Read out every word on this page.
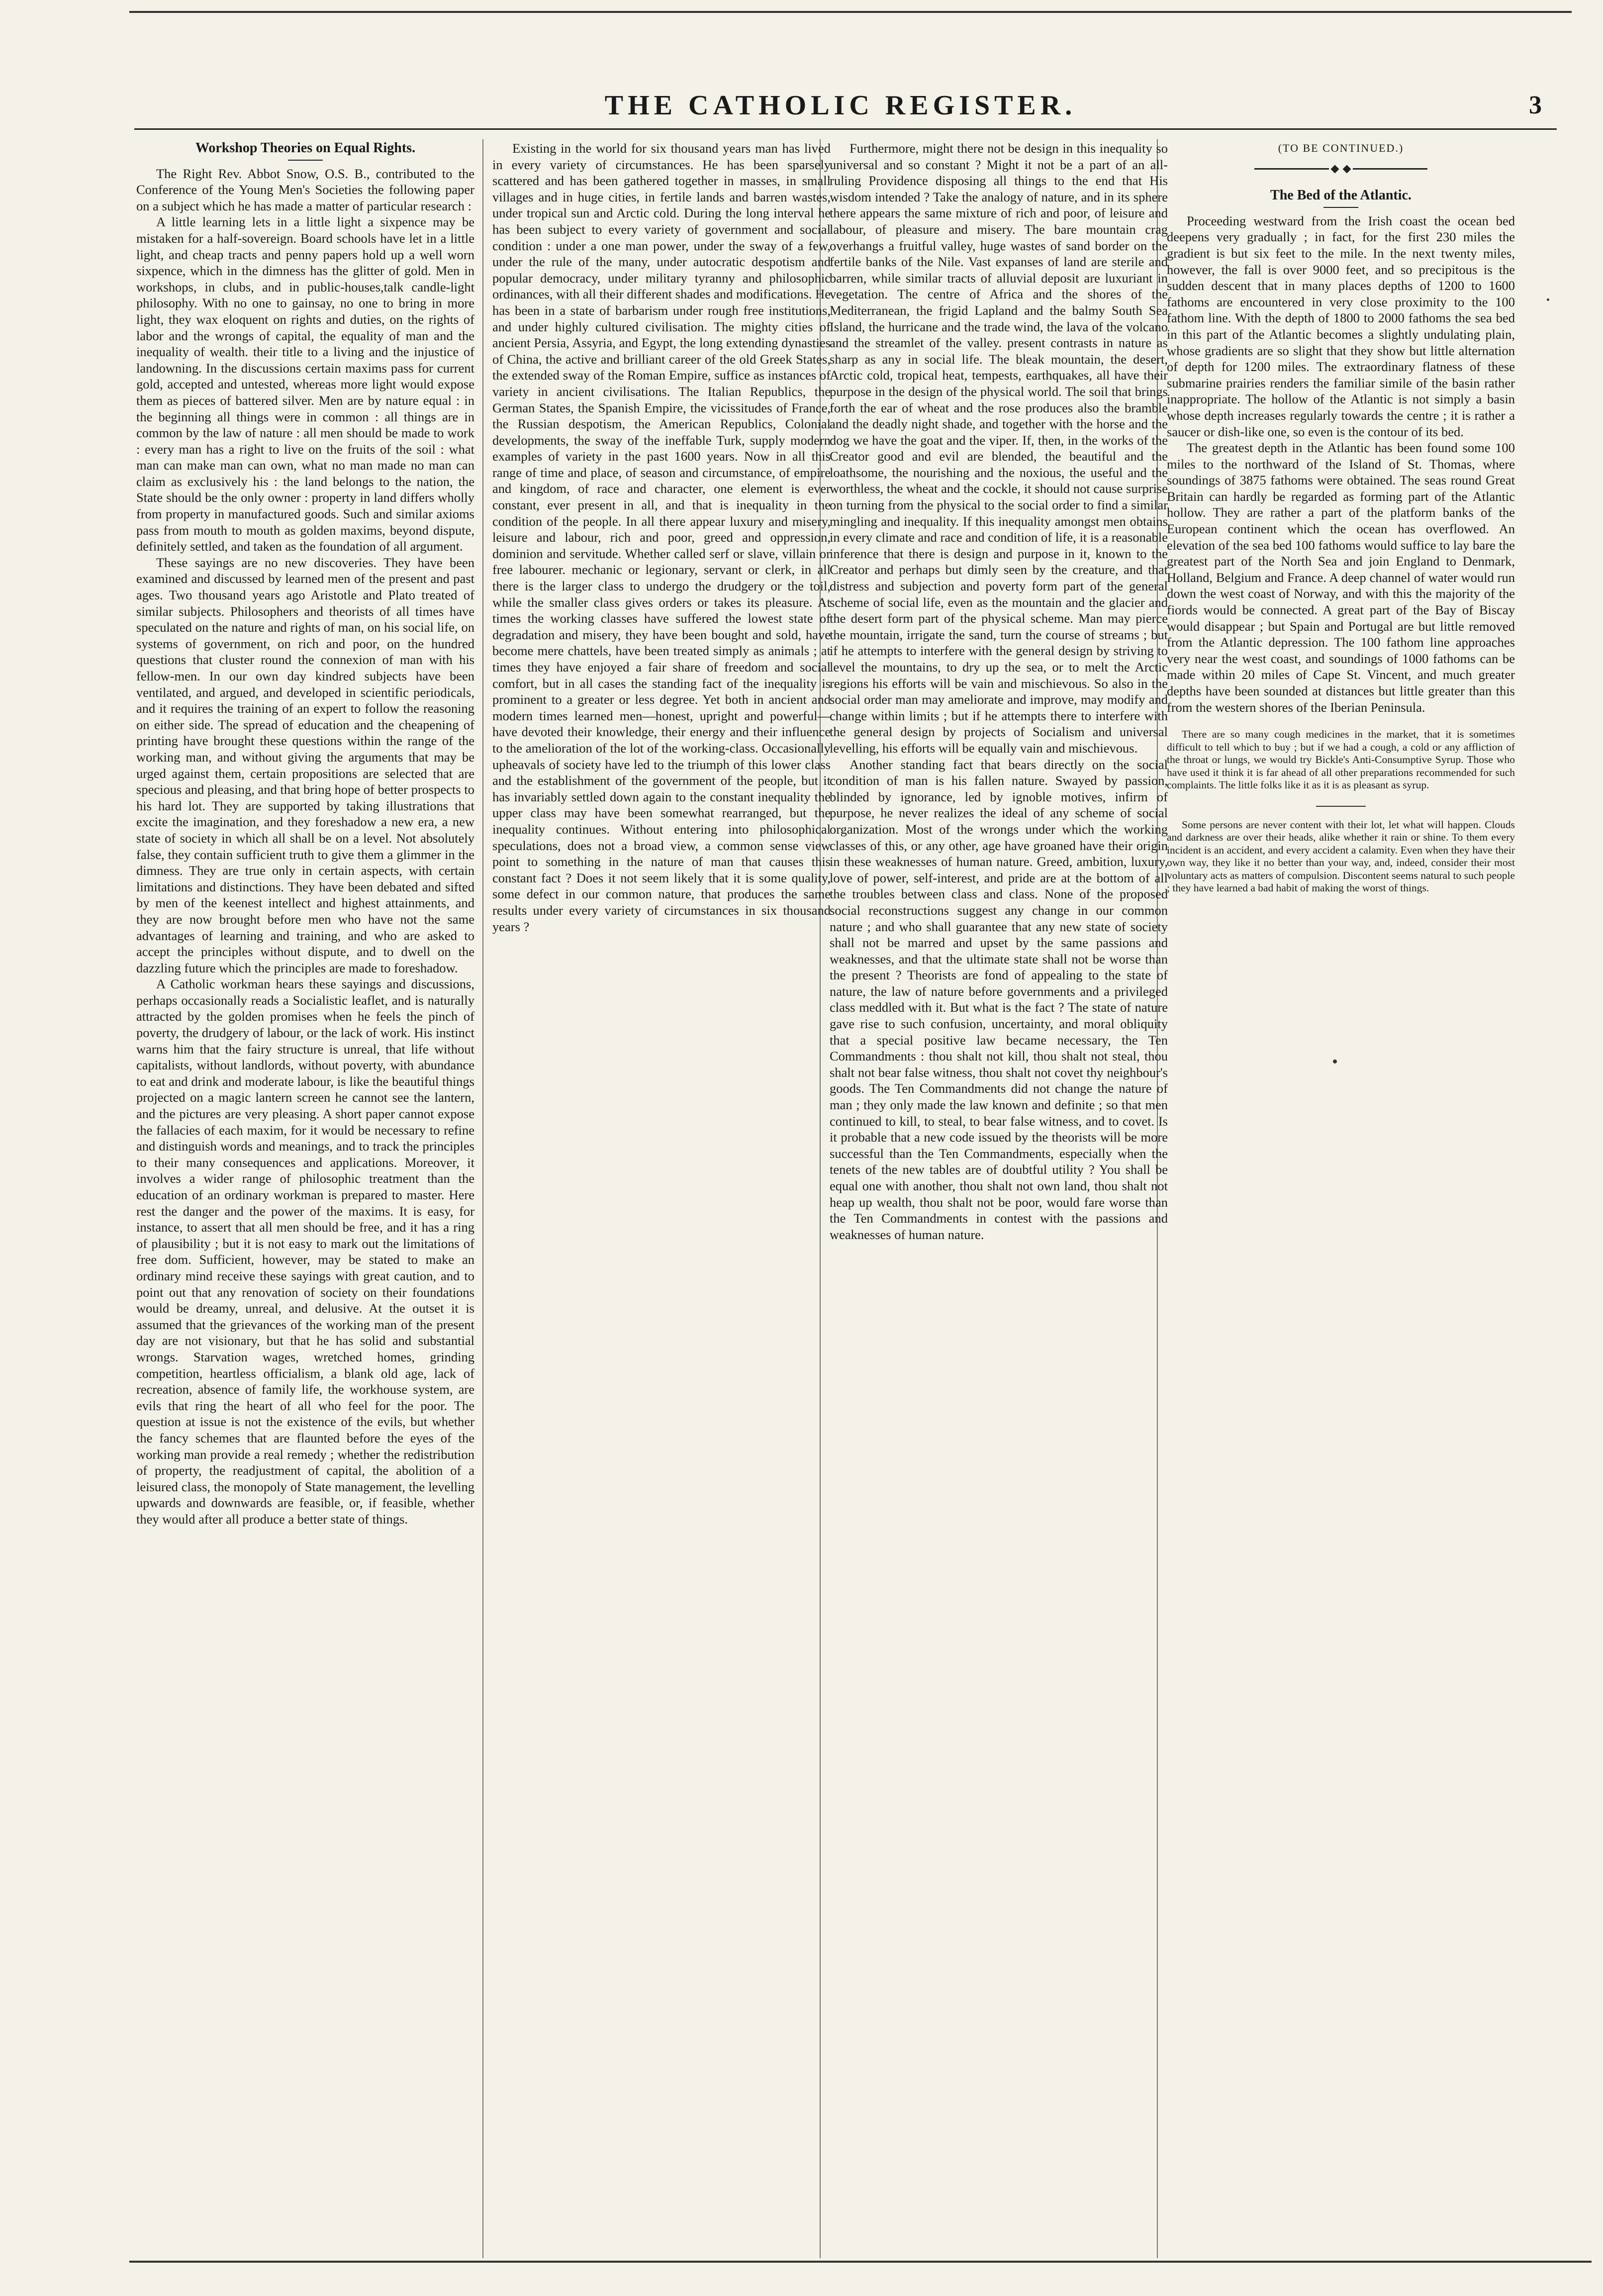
THE CATHOLIC REGISTER.	3

Workshop Theories on Equal Rights.

The Right Rev. Abbot Snow, O.S. B., contributed to the Conference of the Young Men's Societies the following paper on a subject which he has made a matter of particular research :

A little learning lets in a little light a sixpence may be mistaken for a half-sovereign. Board schools have let in a little light, and cheap tracts and penny papers hold up a well worn sixpence, which in the dimness has the glitter of gold. Men in workshops, in clubs, and in public-houses,talk candle-light philosophy. With no one to gainsay, no one to bring in more light, they wax eloquent on rights and duties, on the rights of labor and the wrongs of capital, the equality of man and the inequality of wealth. their title to a living and the injustice of landowning. In the discussions certain maxims pass for current gold, accepted and untested, whereas more light would expose them as pieces of battered silver. Men are by nature equal : in the beginning all things were in common : all things are in common by the law of nature : all men should be made to work : every man has a right to live on the fruits of the soil : what man can make man can own, what no man made no man can claim as exclusively his : the land belongs to the nation, the State should be the only owner : property in land differs wholly from property in manufactured goods. Such and similar axioms pass from mouth to mouth as golden maxims, beyond dispute, definitely settled, and taken as the foundation of all argument.

These sayings are no new discoveries. They have been examined and discussed by learned men of the present and past ages. Two thousand years ago Aristotle and Plato treated of similar subjects. Philosophers and theorists of all times have speculated on the nature and rights of man, on his social life, on systems of government, on rich and poor, on the hundred questions that cluster round the connexion of man with his fellow-men. In our own day kindred subjects have been ventilated, and argued, and developed in scientific periodicals, and it requires the training of an expert to follow the reasoning on either side. The spread of education and the cheapening of printing have brought these questions within the range of the working man, and without giving the arguments that may be urged against them, certain propositions are selected that are specious and pleasing, and that bring hope of better prospects to his hard lot. They are supported by taking illustrations that excite the imagination, and they foreshadow a new era, a new state of society in which all shall be on a level. Not absolutely false, they contain sufficient truth to give them a glimmer in the dimness. They are true only in certain aspects, with certain limitations and distinctions. They have been debated and sifted by men of the keenest intellect and highest attainments, and they are now brought before men who have not the same advantages of learning and training, and who are asked to accept the principles without dispute, and to dwell on the dazzling future which the principles are made to foreshadow.

A Catholic workman hears these sayings and discussions, perhaps occasionally reads a Socialistic leaflet, and is naturally attracted by the golden promises when he feels the pinch of poverty, the drudgery of labour, or the lack of work. His instinct warns him that the fairy structure is unreal, that life without capitalists, without landlords, without poverty, with abundance to eat and drink and moderate labour, is like the beautiful things projected on a magic lantern screen he cannot see the lantern, and the pictures are very pleasing. A short paper cannot expose the fallacies of each maxim, for it would be necessary to refine and distinguish words and meanings, and to track the principles to their many consequences and applications. Moreover, it involves a wider range of philosophic treatment than the education of an ordinary workman is prepared to master. Here rest the danger and the power of the maxims. It is easy, for instance, to assert that all men should be free, and it has a ring of plausibility ; but it is not easy to mark out the limitations of free dom. Sufficient, however, may be stated to make an ordinary mind receive these sayings with great caution, and to point out that any renovation of society on their foundations would be dreamy, unreal, and delusive. At the outset it is assumed that the grievances of the working man of the present day are not visionary, but that he has solid and substantial wrongs. Starvation wages, wretched homes, grinding competition, heartless officialism, a blank old age, lack of recreation, absence of family life, the workhouse system, are evils that ring the heart of all who feel for the poor. The question at issue is not the existence of the evils, but whether the fancy schemes that are flaunted before the eyes of the working man provide a real remedy ; whether the redistribution of property, the readjustment of capital, the abolition of a leisured class, the monopoly of State management, the levelling upwards and downwards are feasible, or, if feasible, whether they would after all produce a better state of things.

Existing in the world for six thousand years man has lived in every variety of circumstances. He has been sparsely scattered and has been gathered together in masses, in small villages and in huge cities, in fertile lands and barren wastes, under tropical sun and Arctic cold. During the long interval he has been subject to every variety of government and social condition : under a one man power, under the sway of a few, under the rule of the many, under autocratic despotism and popular democracy, under military tyranny and philosophic ordinances, with all their different shades and modifications. He has been in a state of barbarism under rough free institutions, and under highly cultured civilisation. The mighty cities of ancient Persia, Assyria, and Egypt, the long extending dynasties of China, the active and brilliant career of the old Greek States, the extended sway of the Roman Empire, suffice as instances of variety in ancient civilisations. The Italian Republics, the German States, the Spanish Empire, the vicissitudes of France, the Russian despotism, the American Republics, Colonial developments, the sway of the ineffable Turk, supply modern examples of variety in the past 1600 years. Now in all this range of time and place, of season and circumstance, of empire and kingdom, of race and character, one element is ever constant, ever present in all, and that is inequality in the condition of the people. In all there appear luxury and misery, leisure and labour, rich and poor, greed and oppression, dominion and servitude. Whether called serf or slave, villain or free labourer. mechanic or legionary, servant or clerk, in all there is the larger class to undergo the drudgery or the toil, while the smaller class gives orders or takes its pleasure. At times the working classes have suffered the lowest state of degradation and misery, they have been bought and sold, have become mere chattels, have been treated simply as animals ; at times they have enjoyed a fair share of freedom and social comfort, but in all cases the standing fact of the inequality is prominent to a greater or less degree. Yet both in ancient and modern times learned men—honest, upright and powerful—have devoted their knowledge, their energy and their influence to the amelioration of the lot of the working-class. Occasionally upheavals of society have led to the triumph of this lower class and the establishment of the government of the people, but it has invariably settled down again to the constant inequality the upper class may have been somewhat rearranged, but the inequality continues. Without entering into philosophical speculations, does not a broad view, a common sense view point to something in the nature of man that causes this constant fact ? Does it not seem likely that it is some quality, some defect in our common nature, that produces the same results under every variety of circumstances in six thousand years ?

Furthermore, might there not be design in this inequality so universal and so constant ? Might it not be a part of an all-ruling Providence disposing all things to the end that His wisdom intended ? Take the analogy of nature, and in its sphere there appears the same mixture of rich and poor, of leisure and labour, of pleasure and misery. The bare mountain crag overhangs a fruitful valley, huge wastes of sand border on the fertile banks of the Nile. Vast expanses of land are sterile and barren, while similar tracts of alluvial deposit are luxuriant in vegetation. The centre of Africa and the shores of the Mediterranean, the frigid Lapland and the balmy South Sea Island, the hurricane and the trade wind, the lava of the volcano and the streamlet of the valley. present contrasts in nature as sharp as any in social life. The bleak mountain, the desert, Arctic cold, tropical heat, tempests, earthquakes, all have their purpose in the design of the physical world. The soil that brings forth the ear of wheat and the rose produces also the bramble and the deadly night shade, and together with the horse and the dog we have the goat and the viper. If, then, in the works of the Creator good and evil are blended, the beautiful and the loathsome, the nourishing and the noxious, the useful and the worthless, the wheat and the cockle, it should not cause surprise on turning from the physical to the social order to find a similar mingling and inequality. If this inequality amongst men obtains in every climate and race and condition of life, it is a reasonable inference that there is design and purpose in it, known to the Creator and perhaps but dimly seen by the creature, and that distress and subjection and poverty form part of the general scheme of social life, even as the mountain and the glacier and the desert form part of the physical scheme. Man may pierce the mountain, irrigate the sand, turn the course of streams ; but if he attempts to interfere with the general design by striving to level the mountains, to dry up the sea, or to melt the Arctic regions his efforts will be vain and mischievous. So also in the social order man may ameliorate and improve, may modify and change within limits ; but if he attempts there to interfere with the general design by projects of Socialism and universal levelling, his efforts will be equally vain and mischievous.

Another standing fact that bears directly on the social condition of man is his fallen nature. Swayed by passion, blinded by ignorance, led by ignoble motives, infirm of purpose, he never realizes the ideal of any scheme of social organization. Most of the wrongs under which the working classes of this, or any other, age have groaned have their origin in these weaknesses of human nature. Greed, ambition, luxury, love of power, self-interest, and pride are at the bottom of all the troubles between class and class. None of the proposed social reconstructions suggest any change in our common nature ; and who shall guarantee that any new state of society shall not be marred and upset by the same passions and weaknesses, and that the ultimate state shall not be worse than the present ? Theorists are fond of appealing to the state of nature, the law of nature before governments and a privileged class meddled with it. But what is the fact ? The state of nature gave rise to such confusion, uncertainty, and moral obliquity that a special positive law became necessary, the Ten Commandments : thou shalt not kill, thou shalt not steal, thou shalt not bear false witness, thou shalt not covet thy neighbour's goods. The Ten Commandments did not change the nature of man ; they only made the law known and definite ; so that men continued to kill, to steal, to bear false witness, and to covet. Is it probable that a new code issued by the theorists will be more successful than the Ten Commandments, especially when the tenets of the new tables are of doubtful utility ? You shall be equal one with another, thou shalt not own land, thou shalt not heap up wealth, thou shalt not be poor, would fare worse than the Ten Commandments in contest with the passions and weaknesses of human nature.

(TO BE CONTINUED.)

The Bed of the Atlantic.

Proceeding westward from the Irish coast the ocean bed deepens very gradually ; in fact, for the first 230 miles the gradient is but six feet to the mile. In the next twenty miles, however, the fall is over 9000 feet, and so precipitous is the sudden descent that in many places depths of 1200 to 1600 fathoms are encountered in very close proximity to the 100 fathom line. With the depth of 1800 to 2000 fathoms the sea bed in this part of the Atlantic becomes a slightly undulating plain, whose gradients are so slight that they show but little alternation of depth for 1200 miles. The extraordinary flatness of these submarine prairies renders the familiar simile of the basin rather inappropriate. The hollow of the Atlantic is not simply a basin whose depth increases regularly towards the centre ; it is rather a saucer or dish-like one, so even is the contour of its bed.

The greatest depth in the Atlantic has been found some 100 miles to the northward of the Island of St. Thomas, where soundings of 3875 fathoms were obtained. The seas round Great Britain can hardly be regarded as forming part of the Atlantic hollow. They are rather a part of the platform banks of the European continent which the ocean has overflowed. An elevation of the sea bed 100 fathoms would suffice to lay bare the greatest part of the North Sea and join England to Denmark, Holland, Belgium and France. A deep channel of water would run down the west coast of Norway, and with this the majority of the fiords would be connected. A great part of the Bay of Biscay would disappear ; but Spain and Portugal are but little removed from the Atlantic depression. The 100 fathom line approaches very near the west coast, and soundings of 1000 fathoms can be made within 20 miles of Cape St. Vincent, and much greater depths have been sounded at distances but little greater than this from the western shores of the Iberian Peninsula.

There are so many cough medicines in the market, that it is sometimes difficult to tell which to buy ; but if we had a cough, a cold or any affliction of the throat or lungs, we would try Bickle's Anti-Consumptive Syrup. Those who have used it think it is far ahead of all other preparations recommended for such complaints. The little folks like it as it is as pleasant as syrup.

Some persons are never content with their lot, let what will happen. Clouds and darkness are over their heads, alike whether it rain or shine. To them every incident is an accident, and every accident a calamity. Even when they have their own way, they like it no better than your way, and, indeed, consider their most voluntary acts as matters of compulsion. Discontent seems natural to such people ; they have learned a bad habit of making the worst of things.
